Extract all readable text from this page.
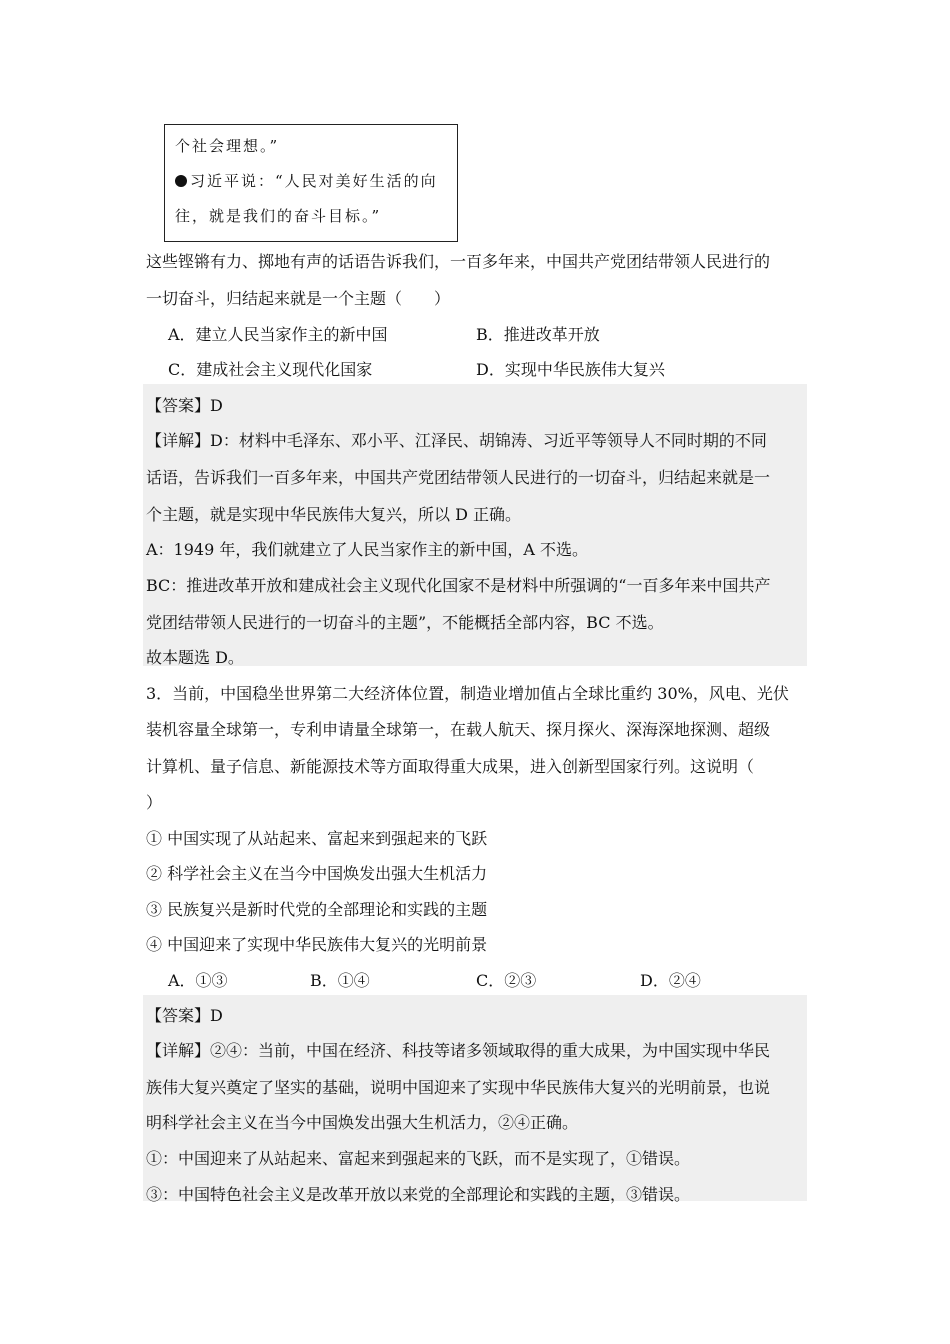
个社会理想。”
习近平说：“人民对美好生活的向
往，就是我们的奋斗目标。”
这些铿锵有力、掷地有声的话语告诉我们，一百多年来，中国共产党团结带领人民进行的
一切奋斗，归结起来就是一个主题（　　）
A．建立人民当家作主的新中国	B．推进改革开放
C．建成社会主义现代化国家	D．实现中华民族伟大复兴
【答案】D
【详解】D：材料中毛泽东、邓小平、江泽民、胡锦涛、习近平等领导人不同时期的不同
话语，告诉我们一百多年来，中国共产党团结带领人民进行的一切奋斗，归结起来就是一
个主题，就是实现中华民族伟大复兴，所以 D 正确。
A：1949 年，我们就建立了人民当家作主的新中国，A 不选。
BC：推进改革开放和建成社会主义现代化国家不是材料中所强调的“一百多年来中国共产
党团结带领人民进行的一切奋斗的主题”，不能概括全部内容，BC 不选。
故本题选 D。
3．当前，中国稳坐世界第二大经济体位置，制造业增加值占全球比重约 30%，风电、光伏
装机容量全球第一，专利申请量全球第一，在载人航天、探月探火、深海深地探测、超级
计算机、量子信息、新能源技术等方面取得重大成果，进入创新型国家行列。这说明（
）
① 中国实现了从站起来、富起来到强起来的飞跃
② 科学社会主义在当今中国焕发出强大生机活力
③ 民族复兴是新时代党的全部理论和实践的主题
④ 中国迎来了实现中华民族伟大复兴的光明前景
A．①③	B．①④	C．②③	D．②④
【答案】D
【详解】②④：当前，中国在经济、科技等诸多领域取得的重大成果，为中国实现中华民
族伟大复兴奠定了坚实的基础，说明中国迎来了实现中华民族伟大复兴的光明前景，也说
明科学社会主义在当今中国焕发出强大生机活力，②④正确。
①：中国迎来了从站起来、富起来到强起来的飞跃，而不是实现了，①错误。
③：中国特色社会主义是改革开放以来党的全部理论和实践的主题，③错误。
